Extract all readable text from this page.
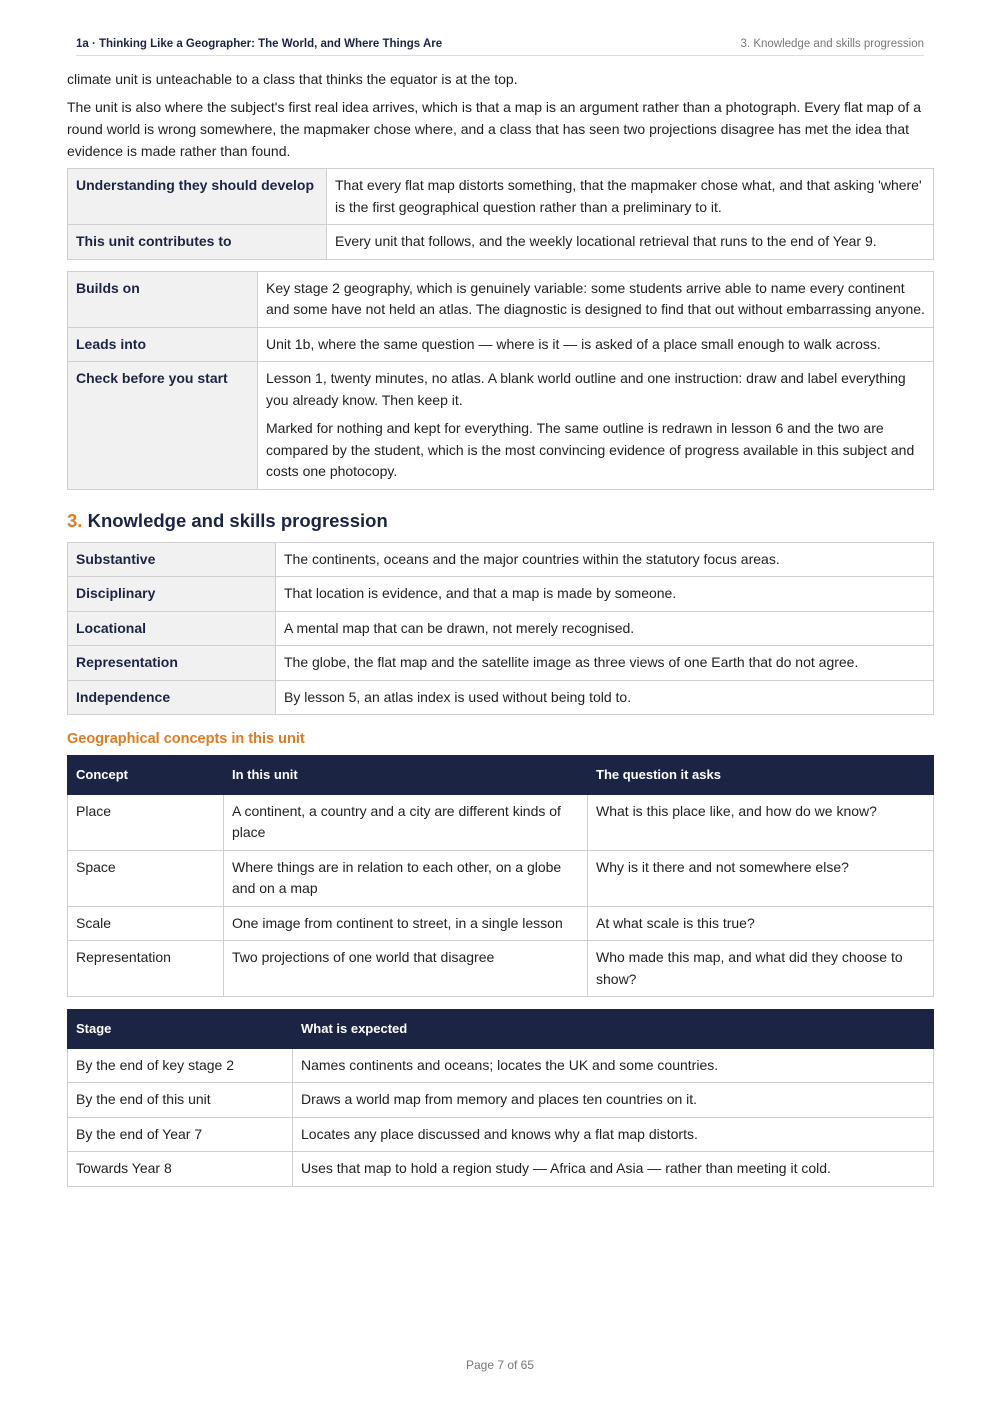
1a · Thinking Like a Geographer: The World, and Where Things Are	3. Knowledge and skills progression

climate unit is unteachable to a class that thinks the equator is at the top.

The unit is also where the subject's first real idea arrives, which is that a map is an argument rather than a photograph. Every flat map of a round world is wrong somewhere, the mapmaker chose where, and a class that has seen two projections disagree has met the idea that evidence is made rather than found.

Understanding they should develop	That every flat map distorts something, that the mapmaker chose what, and that asking 'where' is the first geographical question rather than a preliminary to it.
This unit contributes to	Every unit that follows, and the weekly locational retrieval that runs to the end of Year 9.
Builds on	Key stage 2 geography, which is genuinely variable: some students arrive able to name every continent and some have not held an atlas. The diagnostic is designed to find that out without embarrassing anyone.
Leads into	Unit 1b, where the same question — where is it — is asked of a place small enough to walk across.
Check before you start	Lesson 1, twenty minutes, no atlas. A blank world outline and one instruction: draw and label everything you already know. Then keep it.

Marked for nothing and kept for everything. The same outline is redrawn in lesson 6 and the two are compared by the student, which is the most convincing evidence of progress available in this subject and costs one photocopy.

3. Knowledge and skills progression
Substantive	The continents, oceans and the major countries within the statutory focus areas.
Disciplinary	That location is evidence, and that a map is made by someone.
Locational	A mental map that can be drawn, not merely recognised.
Representation	The globe, the flat map and the satellite image as three views of one Earth that do not agree.
Independence	By lesson 5, an atlas index is used without being told to.
Geographical concepts in this unit
Concept	In this unit	The question it asks
Place	A continent, a country and a city are different kinds of place	What is this place like, and how do we know?
Space	Where things are in relation to each other, on a globe and on a map	Why is it there and not somewhere else?
Scale	One image from continent to street, in a single lesson	At what scale is this true?
Representation	Two projections of one world that disagree	Who made this map, and what did they choose to show?
Stage	What is expected
By the end of key stage 2	Names continents and oceans; locates the UK and some countries.
By the end of this unit	Draws a world map from memory and places ten countries on it.
By the end of Year 7	Locates any place discussed and knows why a flat map distorts.
Towards Year 8	Uses that map to hold a region study — Africa and Asia — rather than meeting it cold.
Page 7 of 65
